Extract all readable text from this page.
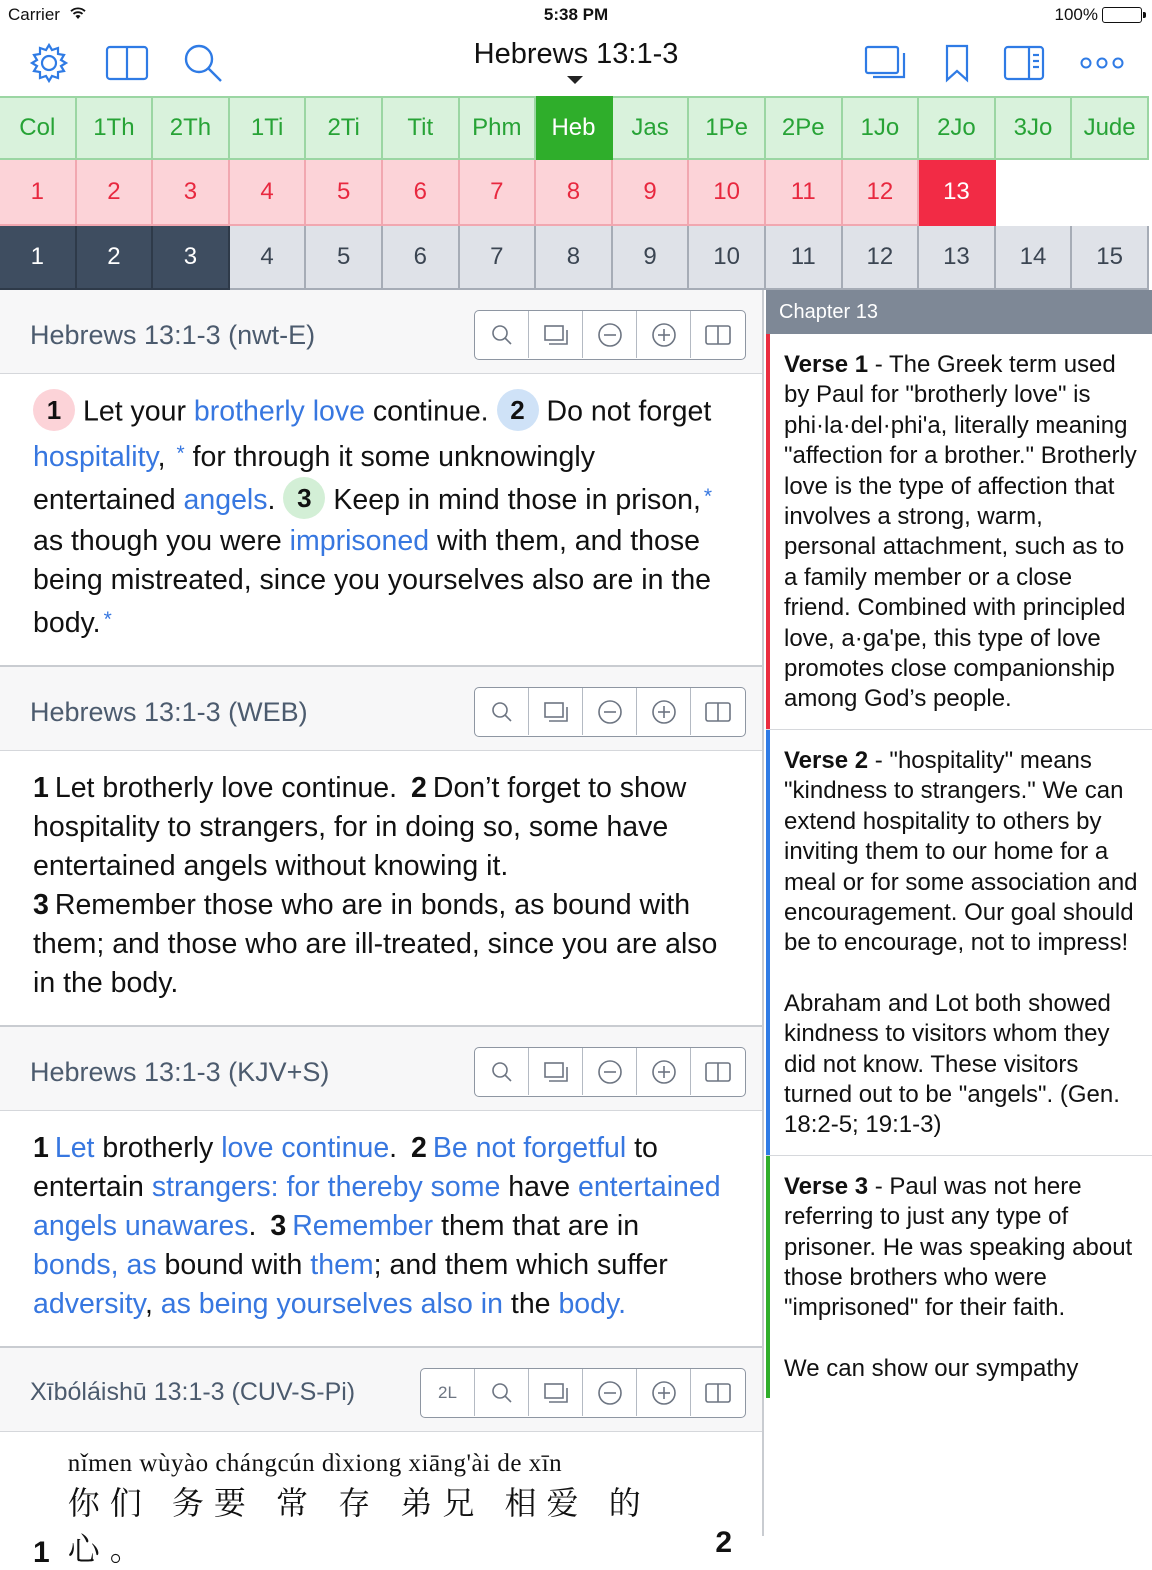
Carrier	5:38 PM	100%
Hebrews 13:1-3
Col	1Th	2Th	1Ti	2Ti	Tit	Phm	Heb	Jas	1Pe	2Pe	1Jo	2Jo	3Jo	Jude
1	2	3	4	5	6	7	8	9	10	11	12	13
1	2	3	4	5	6	7	8	9	10	11	12	13	14	15
Hebrews 13:1-3 (nwt-E)
1 Let your brotherly love continue. 2 Do not forget hospitality, * for through it some unknowingly entertained angels. 3 Keep in mind those in prison, * as though you were imprisoned with them, and those being mistreated, since you yourselves also are in the body. *
Hebrews 13:1-3 (WEB)
1 Let brotherly love continue. 2 Don’t forget to show hospitality to strangers, for in doing so, some have entertained angels without knowing it.
3 Remember those who are in bonds, as bound with them; and those who are ill-treated, since you are also in the body.
Hebrews 13:1-3 (KJV+S)
1 Let brotherly love continue. 2 Be not forgetful to entertain strangers: for thereby some have entertained angels unawares. 3 Remember them that are in bonds, as bound with them; and them which suffer adversity, as being yourselves also in the body.
Xībóláishū 13:1-3 (CUV-S-Pi)	2L
1
nǐmen wùyào chángcún dìxiong xiāng'ài de xīn
你们 务要 常 存 弟兄 相爱 的 心。	2
Chapter 13

Verse 1 - The Greek term used by Paul for "brotherly love" is phi·la·del·phiʹa, literally meaning "affection for a brother." Brotherly love is the type of affection that involves a strong, warm, personal attachment, such as to a family member or a close friend. Combined with principled love, a·gaʹpe, this type of love promotes close companionship among God’s people.

Verse 2 - "hospitality" means "kindness to strangers." We can extend hospitality to others by inviting them to our home for a meal or for some association and encouragement. Our goal should be to encourage, not to impress!

Abraham and Lot both showed kindness to visitors whom they did not know. These visitors turned out to be "angels". (Gen. 18:2-5; 19:1-3)

Verse 3 - Paul was not here referring to just any type of prisoner. He was speaking about those brothers who were "imprisoned" for their faith.

We can show our sympathy
